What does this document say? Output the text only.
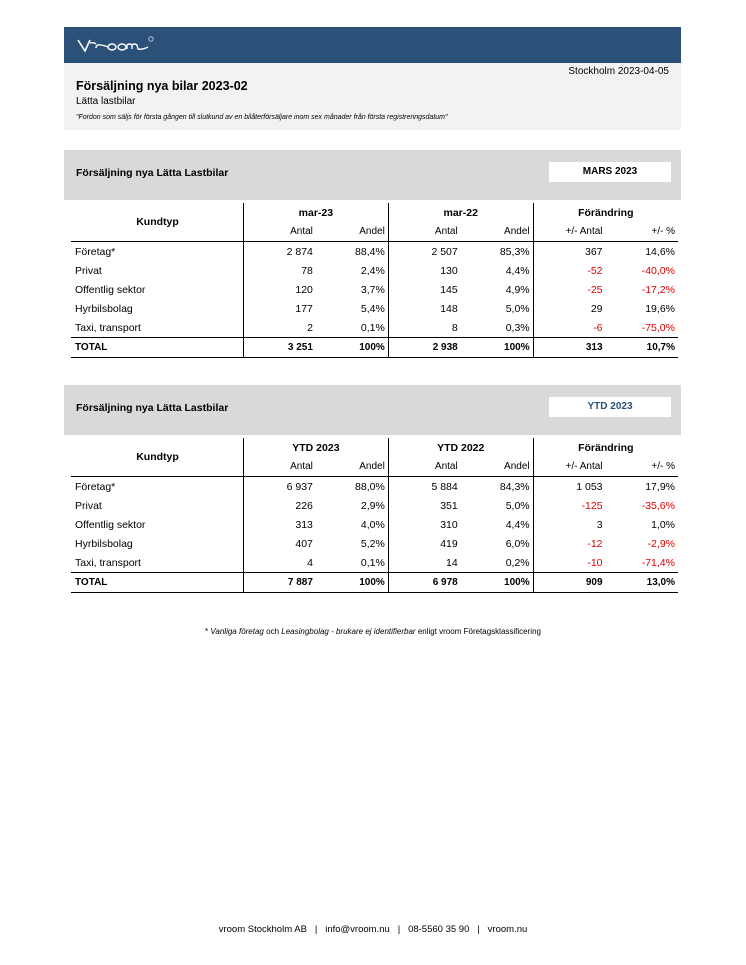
Stockholm 2023-04-05
Försäljning nya bilar 2023-02
Lätta lastbilar
"Fordon som säljs för första gången till slutkund av en bilåterförsäljare inom sex månader från första registreringsdatum"
Försäljning nya Lätta Lastbilar	MARS 2023
Kundtyp	mar-23		mar-22		Förändring	
	Antal	Andel	Antal	Andel	+/- Antal	+/- %
Företag*	2 874	88,4%	2 507	85,3%	367	14,6%
Privat	78	2,4%	130	4,4%	-52	-40,0%
Offentlig sektor	120	3,7%	145	4,9%	-25	-17,2%
Hyrbilsbolag	177	5,4%	148	5,0%	29	19,6%
Taxi, transport	2	0,1%	8	0,3%	-6	-75,0%
TOTAL	3 251	100%	2 938	100%	313	10,7%
Försäljning nya Lätta Lastbilar	YTD 2023
Kundtyp	YTD 2023		YTD 2022		Förändring	
	Antal	Andel	Antal	Andel	+/- Antal	+/- %
Företag*	6 937	88,0%	5 884	84,3%	1 053	17,9%
Privat	226	2,9%	351	5,0%	-125	-35,6%
Offentlig sektor	313	4,0%	310	4,4%	3	1,0%
Hyrbilsbolag	407	5,2%	419	6,0%	-12	-2,9%
Taxi, transport	4	0,1%	14	0,2%	-10	-71,4%
TOTAL	7 887	100%	6 978	100%	909	13,0%
* Vanliga företag och Leasingbolag - brukare ej identifierbar enligt vroom Företagsklassificering
vroom Stockholm AB   |   info@vroom.nu   |   08-5560 35 90   |   vroom.nu
